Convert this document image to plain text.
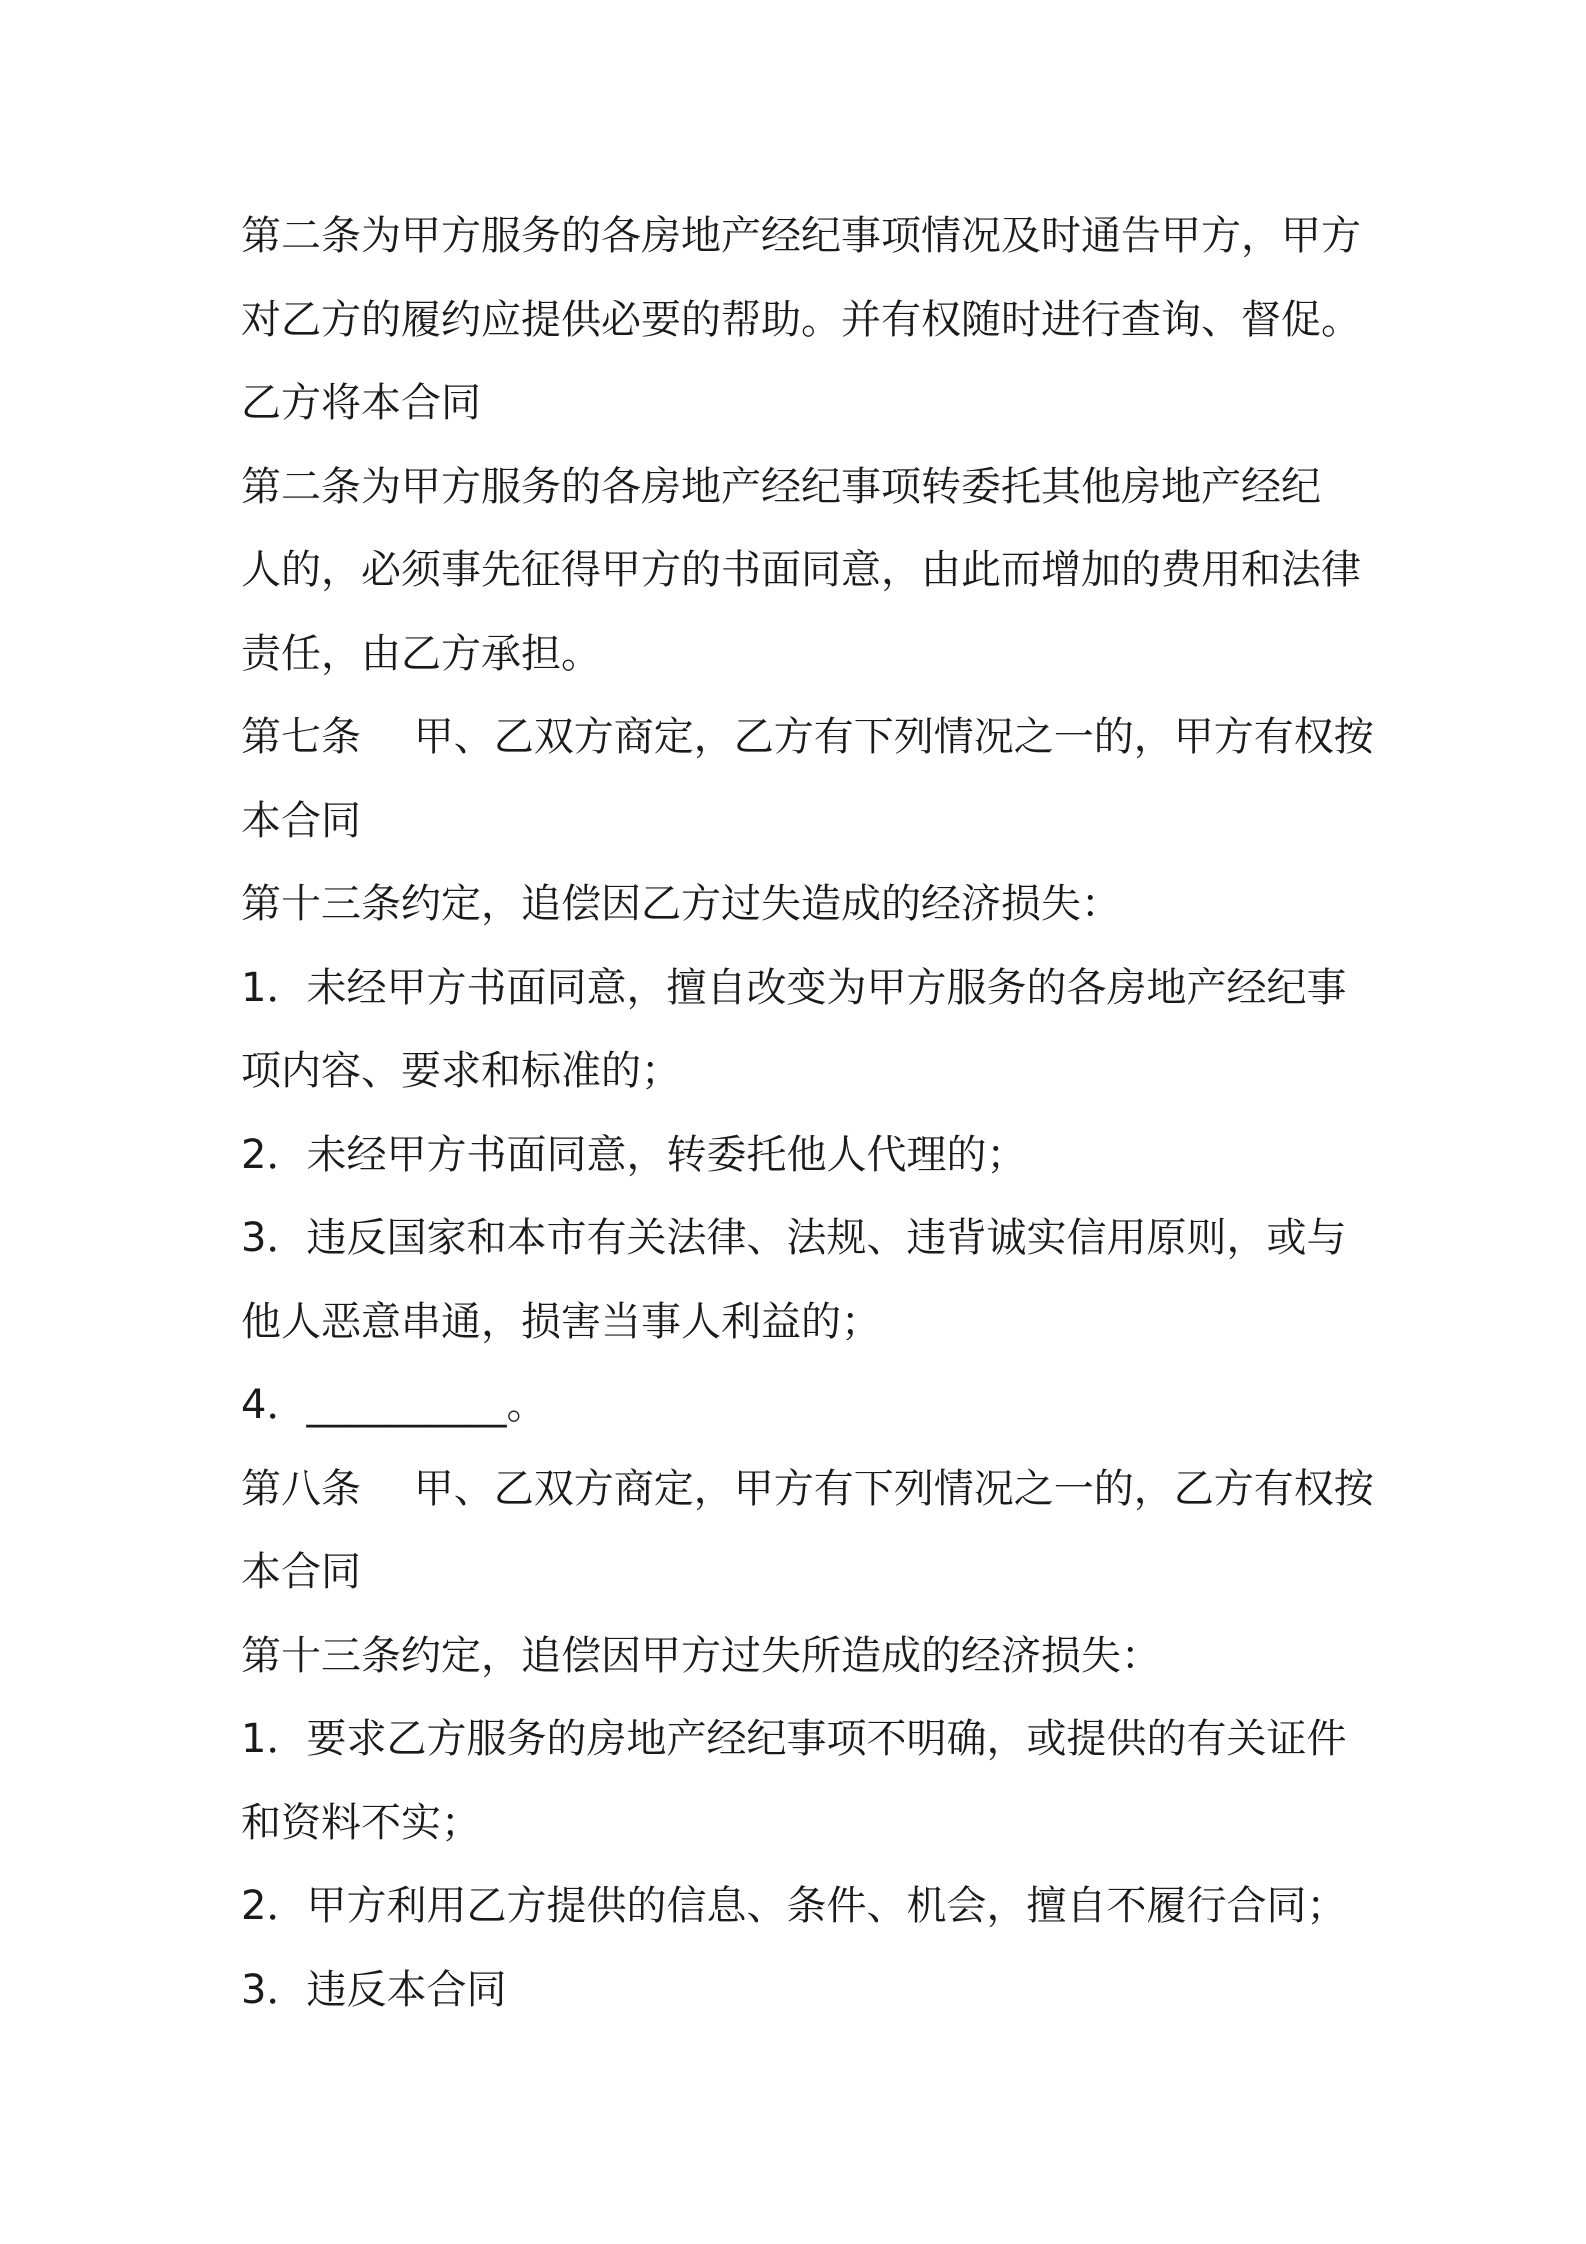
第二条为甲方服务的各房地产经纪事项情况及时通告甲方，甲方
对乙方的履约应提供必要的帮助。并有权随时进行查询、督促。
乙方将本合同
第二条为甲方服务的各房地产经纪事项转委托其他房地产经纪
人的，必须事先征得甲方的书面同意，由此而增加的费用和法律
责任，由乙方承担。
第七条　 甲、乙双方商定，乙方有下列情况之一的，甲方有权按
本合同
第十三条约定，追偿因乙方过失造成的经济损失：
1．未经甲方书面同意，擅自改变为甲方服务的各房地产经纪事
项内容、要求和标准的；
2．未经甲方书面同意，转委托他人代理的；
3．违反国家和本市有关法律、法规、违背诚实信用原则，或与
他人恶意串通，损害当事人利益的；
4．__________。
第八条　 甲、乙双方商定，甲方有下列情况之一的，乙方有权按
本合同
第十三条约定，追偿因甲方过失所造成的经济损失：
1．要求乙方服务的房地产经纪事项不明确，或提供的有关证件
和资料不实；
2．甲方利用乙方提供的信息、条件、机会，擅自不履行合同；
3．违反本合同
